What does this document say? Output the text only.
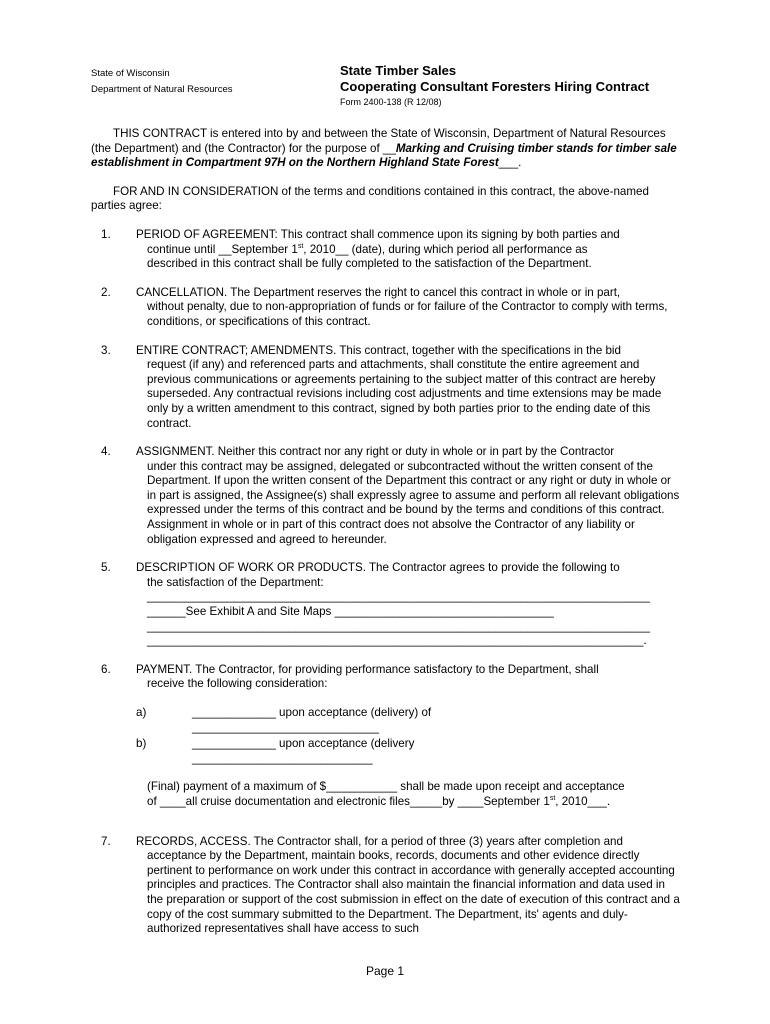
State of Wisconsin
Department of Natural Resources
State Timber Sales
Cooperating Consultant Foresters Hiring Contract
Form 2400-138 (R 12/08)

THIS CONTRACT is entered into by and between the State of Wisconsin, Department of Natural Resources (the Department) and (the Contractor) for the purpose of __Marking and Cruising timber stands for timber sale establishment in Compartment 97H on the Northern Highland State Forest___.

FOR AND IN CONSIDERATION of the terms and conditions contained in this contract, the above-named parties agree:

1. PERIOD OF AGREEMENT: This contract shall commence upon its signing by both parties and
continue until __September 1st, 2010__ (date), during which period all performance as
described in this contract shall be fully completed to the satisfaction of the Department.
2. CANCELLATION. The Department reserves the right to cancel this contract in whole or in part,
without penalty, due to non-appropriation of funds or for failure of the Contractor to comply with terms, conditions, or specifications of this contract.
3. ENTIRE CONTRACT; AMENDMENTS. This contract, together with the specifications in the bid
request (if any) and referenced parts and attachments, shall constitute the entire agreement and previous communications or agreements pertaining to the subject matter of this contract are hereby superseded. Any contractual revisions including cost adjustments and time extensions may be made only by a written amendment to this contract, signed by both parties prior to the ending date of this contract.
4. ASSIGNMENT. Neither this contract nor any right or duty in whole or in part by the Contractor
under this contract may be assigned, delegated or subcontracted without the written consent of the Department. If upon the written consent of the Department this contract or any right or duty in whole or in part is assigned, the Assignee(s) shall expressly agree to assume and perform all relevant obligations expressed under the terms of this contract and be bound by the terms and conditions of this contract. Assignment in whole or in part of this contract does not absolve the Contractor of any liability or obligation expressed and agreed to hereunder.
5. DESCRIPTION OF WORK OR PRODUCTS. The Contractor agrees to provide the following to
the satisfaction of the Department:
______________________________________________________________________________
______See Exhibit A and Site Maps __________________________________
______________________________________________________________________________
_____________________________________________________________________________.
6. PAYMENT. The Contractor, for providing performance satisfactory to the Department, shall
receive the following consideration:
a)	_____________ upon acceptance (delivery) of
_____________________________
b)	_____________ upon acceptance (delivery
____________________________
(Final) payment of a maximum of $___________ shall be made upon receipt and acceptance
of ____all cruise documentation and electronic files_____by ____September 1st, 2010___.
7. RECORDS, ACCESS. The Contractor shall, for a period of three (3) years after completion and
acceptance by the Department, maintain books, records, documents and other evidence directly pertinent to performance on work under this contract in accordance with generally accepted accounting principles and practices. The Contractor shall also maintain the financial information and data used in the preparation or support of the cost submission in effect on the date of execution of this contract and a copy of the cost summary submitted to the Department. The Department, its' agents and duly-authorized representatives shall have access to such
Page 1
